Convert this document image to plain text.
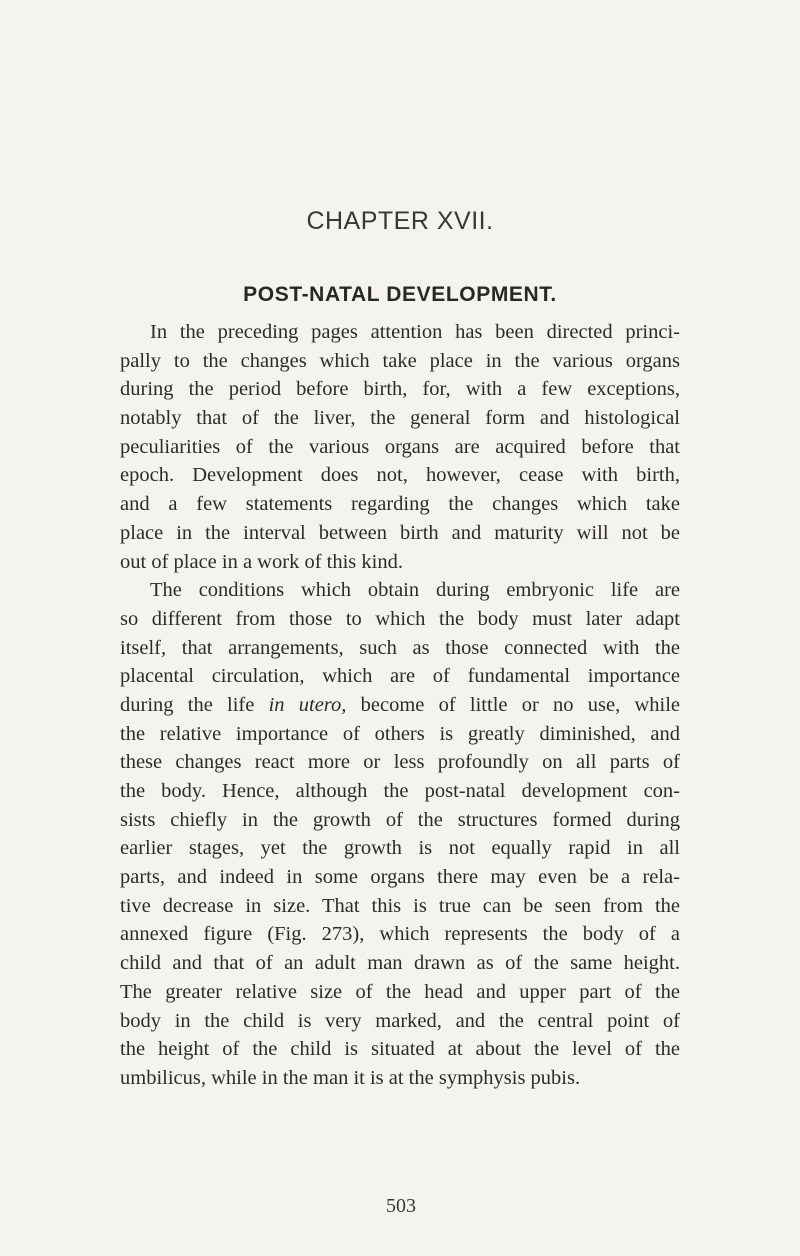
CHAPTER XVII.
POST-NATAL DEVELOPMENT.
In the preceding pages attention has been directed princi-
pally to the changes which take place in the various organs
during the period before birth, for, with a few exceptions,
notably that of the liver, the general form and histological
peculiarities of the various organs are acquired before that
epoch. Development does not, however, cease with birth,
and a few statements regarding the changes which take
place in the interval between birth and maturity will not be
out of place in a work of this kind.
The conditions which obtain during embryonic life are
so different from those to which the body must later adapt
itself, that arrangements, such as those connected with the
placental circulation, which are of fundamental importance
during the life in utero, become of little or no use, while
the relative importance of others is greatly diminished, and
these changes react more or less profoundly on all parts of
the body. Hence, although the post-natal development con-
sists chiefly in the growth of the structures formed during
earlier stages, yet the growth is not equally rapid in all
parts, and indeed in some organs there may even be a rela-
tive decrease in size. That this is true can be seen from the
annexed figure (Fig. 273), which represents the body of a
child and that of an adult man drawn as of the same height.
The greater relative size of the head and upper part of the
body in the child is very marked, and the central point of
the height of the child is situated at about the level of the
umbilicus, while in the man it is at the symphysis pubis.
503
